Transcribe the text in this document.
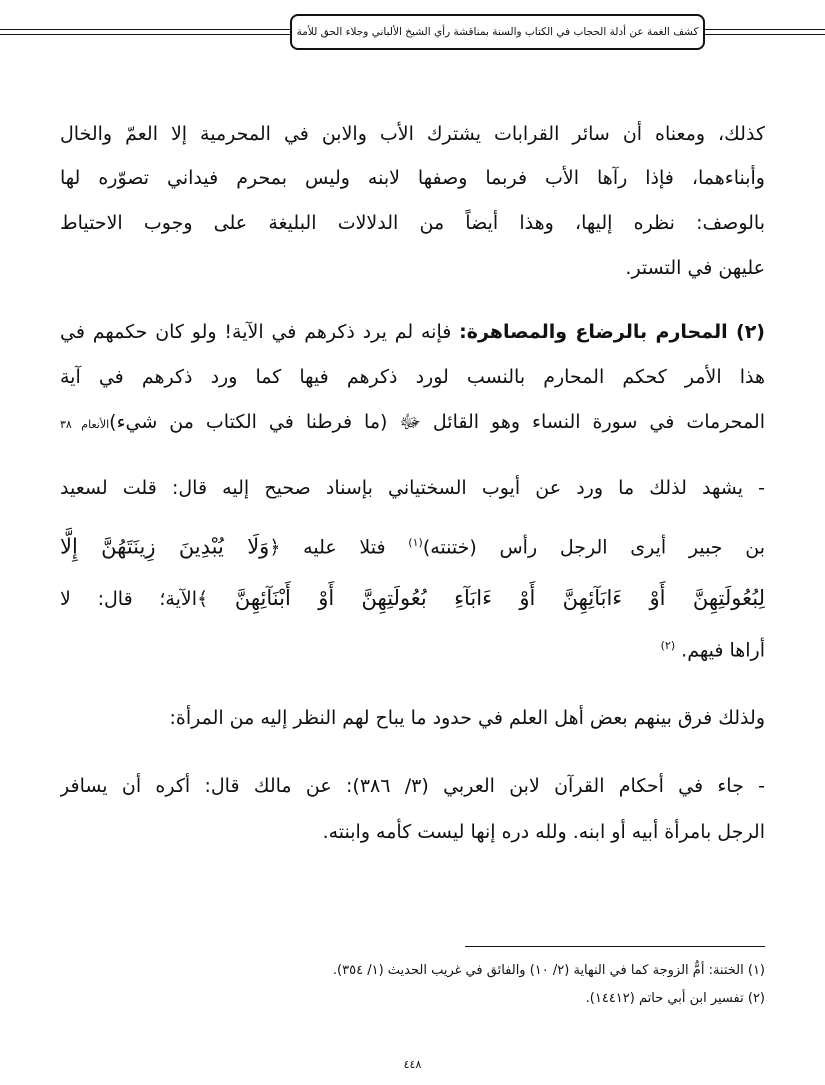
كشف الغمة عن أدلة الحجاب في الكتاب والسنة بمناقشة رأي الشيخ الألباني وجلاء الحق للأمة
كذلك، ومعناه أن سائر القرابات يشترك الأب والابن في المحرمية إلا العمّ والخال
وأبناءهما، فإذا رآها الأب فربما وصفها لابنه وليس بمحرم فيداني تصوّره لها
بالوصف: نظره إليها، وهذا أيضاً من الدلالات البليغة على وجوب الاحتياط
عليهن في التستر.
(٢) المحارم بالرضاع والمصاهرة: فإنه لم يرد ذكرهم في الآية! ولو كان حكمهم في
هذا الأمر كحكم المحارم بالنسب لورد ذكرهم فيها كما ورد ذكرهم في آية
المحرمات في سورة النساء وهو القائل ﷻ (ما فرطنا في الكتاب من شيء)الأنعام ٣٨
- يشهد لذلك ما ورد عن أيوب السختياني بإسناد صحيح إليه قال: قلت لسعيد
بن جبير أيرى الرجل رأس (ختنته)$^{(١)}$ فتلا عليه ﴿وَلَا يُبْدِينَ زِينَتَهُنَّ إِلَّا
لِبُعُولَتِهِنَّ أَوْ ءَابَآئِهِنَّ أَوْ ءَابَآءِ بُعُولَتِهِنَّ أَوْ أَبْنَآئِهِنَّ ﴾الآية؛ قال: لا
أراها فيهم. $^{(٢)}$
ولذلك فرق بينهم بعض أهل العلم في حدود ما يباح لهم النظر إليه من المرأة:
- جاء في أحكام القرآن لابن العربي (٣/ ٣٨٦): عن مالك قال: أكره أن يسافر
الرجل بامرأة أبيه أو ابنه. ولله دره إنها ليست كأمه وابنته.
(١) الختنة: أمُّ الزوجة كما في النهاية (٢/ ١٠) والفائق في غريب الحديث (١/ ٣٥٤).
(٢) تفسير ابن أبي حاتم (١٤٤١٢).
٤٤٨
